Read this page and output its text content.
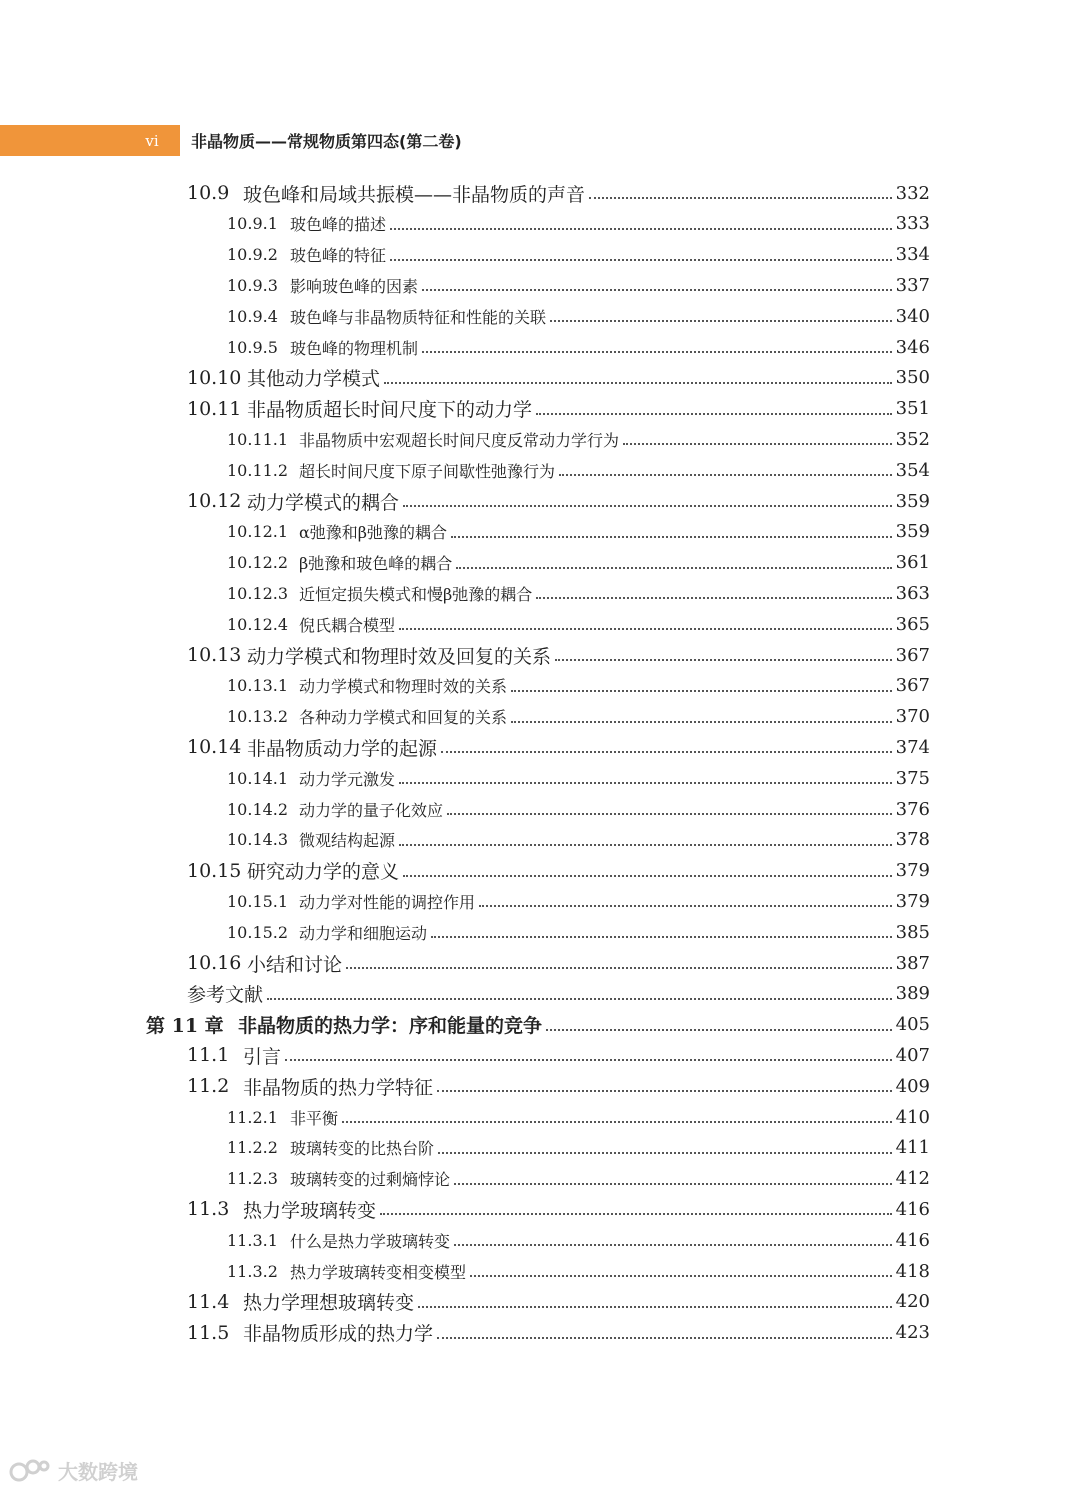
vi	非晶物质——常规物质第四态(第二卷)
10.9 玻色峰和局域共振模——非晶物质的声音	332
10.9.1 玻色峰的描述	333
10.9.2 玻色峰的特征	334
10.9.3 影响玻色峰的因素	337
10.9.4 玻色峰与非晶物质特征和性能的关联	340
10.9.5 玻色峰的物理机制	346
10.10 其他动力学模式	350
10.11 非晶物质超长时间尺度下的动力学	351
10.11.1 非晶物质中宏观超长时间尺度反常动力学行为	352
10.11.2 超长时间尺度下原子间歇性弛豫行为	354
10.12 动力学模式的耦合	359
10.12.1 α弛豫和β弛豫的耦合	359
10.12.2 β弛豫和玻色峰的耦合	361
10.12.3 近恒定损失模式和慢β弛豫的耦合	363
10.12.4 倪氏耦合模型	365
10.13 动力学模式和物理时效及回复的关系	367
10.13.1 动力学模式和物理时效的关系	367
10.13.2 各种动力学模式和回复的关系	370
10.14 非晶物质动力学的起源	374
10.14.1 动力学元激发	375
10.14.2 动力学的量子化效应	376
10.14.3 微观结构起源	378
10.15 研究动力学的意义	379
10.15.1 动力学对性能的调控作用	379
10.15.2 动力学和细胞运动	385
10.16 小结和讨论	387
参考文献	389
第 11 章 非晶物质的热力学：序和能量的竞争	405
11.1 引言	407
11.2 非晶物质的热力学特征	409
11.2.1 非平衡	410
11.2.2 玻璃转变的比热台阶	411
11.2.3 玻璃转变的过剩熵悖论	412
11.3 热力学玻璃转变	416
11.3.1 什么是热力学玻璃转变	416
11.3.2 热力学玻璃转变相变模型	418
11.4 热力学理想玻璃转变	420
11.5 非晶物质形成的热力学	423
大数跨境
